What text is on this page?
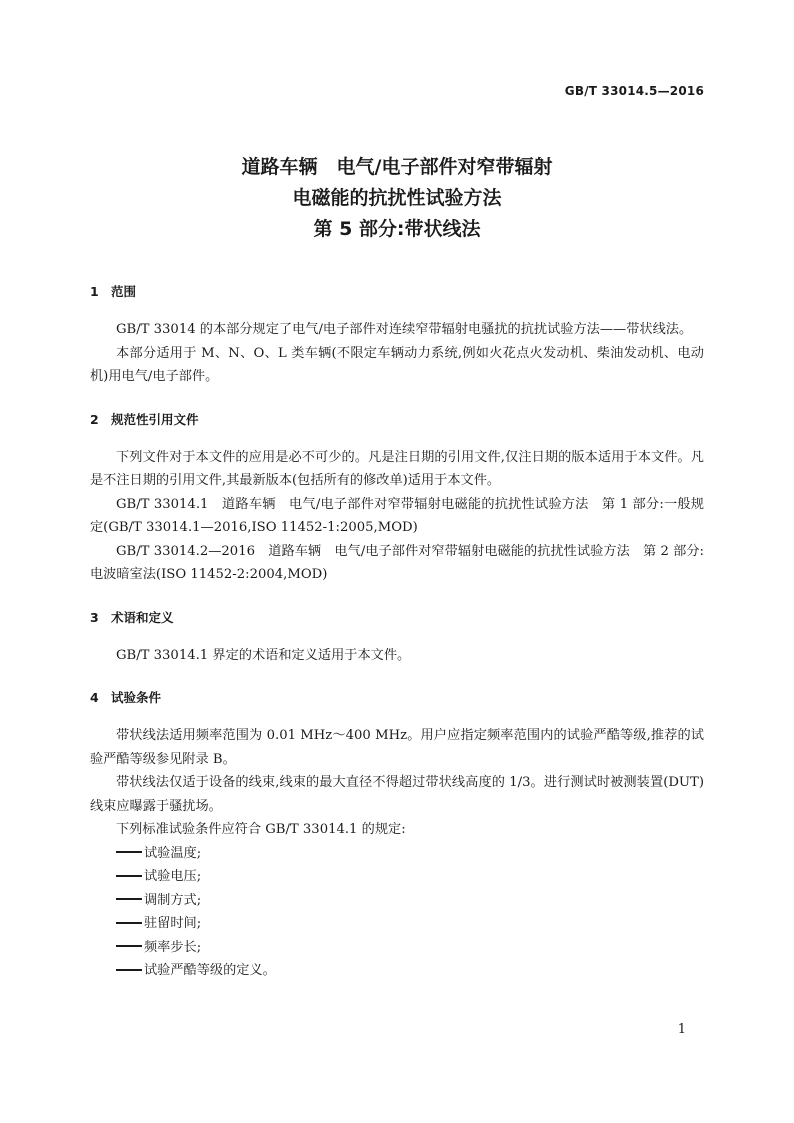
GB/T 33014.5—2016
道路车辆　电气/电子部件对窄带辐射
电磁能的抗扰性试验方法
第 5 部分:带状线法
1 范围

GB/T 33014 的本部分规定了电气/电子部件对连续窄带辐射电骚扰的抗扰试验方法——带状线法。

本部分适用于 M、N、O、L 类车辆(不限定车辆动力系统,例如火花点火发动机、柴油发动机、电动机)用电气/电子部件。

2 规范性引用文件

下列文件对于本文件的应用是必不可少的。凡是注日期的引用文件,仅注日期的版本适用于本文件。凡是不注日期的引用文件,其最新版本(包括所有的修改单)适用于本文件。

GB/T 33014.1　道路车辆　电气/电子部件对窄带辐射电磁能的抗扰性试验方法　第 1 部分:一般规定(GB/T 33014.1—2016,ISO 11452-1:2005,MOD)

GB/T 33014.2—2016　道路车辆　电气/电子部件对窄带辐射电磁能的抗扰性试验方法　第 2 部分:电波暗室法(ISO 11452-2:2004,MOD)

3 术语和定义

GB/T 33014.1 界定的术语和定义适用于本文件。

4 试验条件

带状线法适用频率范围为 0.01 MHz～400 MHz。用户应指定频率范围内的试验严酷等级,推荐的试验严酷等级参见附录 B。

带状线法仅适于设备的线束,线束的最大直径不得超过带状线高度的 1/3。进行测试时被测装置(DUT)线束应曝露于骚扰场。

下列标准试验条件应符合 GB/T 33014.1 的规定:

试验温度;

试验电压;

调制方式;

驻留时间;

频率步长;

试验严酷等级的定义。

1
